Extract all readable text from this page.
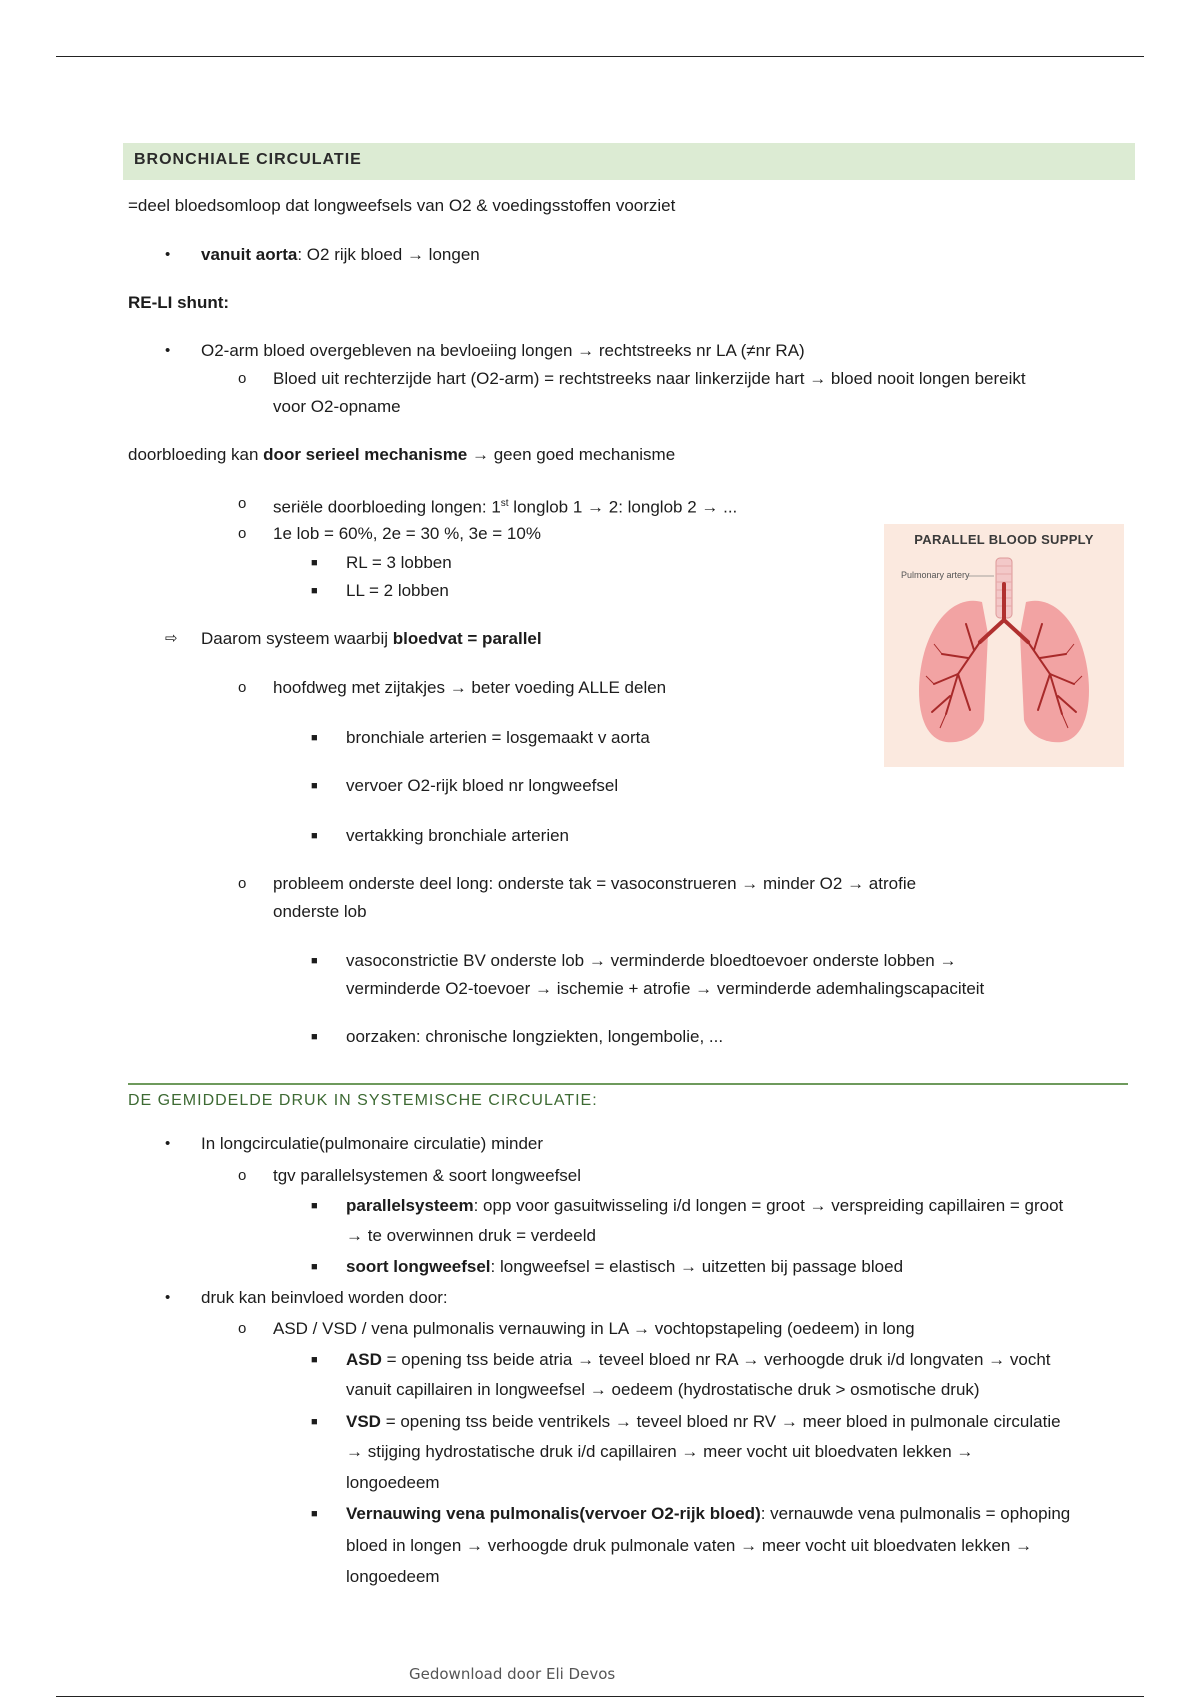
BRONCHIALE CIRCULATIE
=deel bloedsomloop dat longweefsels van O2 & voedingsstoffen voorziet
• vanuit aorta: O2 rijk bloed → longen
RE-LI shunt:
• O2-arm bloed overgebleven na bevloeiing longen → rechtstreeks nr LA (≠nr RA)
o Bloed uit rechterzijde hart (O2-arm) = rechtstreeks naar linkerzijde hart → bloed nooit longen bereikt
voor O2-opname
doorbloeding kan door serieel mechanisme → geen goed mechanisme
o seriële doorbloeding longen: 1st longlob 1 → 2: longlob 2 → ...
o 1e lob = 60%, 2e = 30 %, 3e = 10%
■ RL = 3 lobben
■ LL = 2 lobben
⇨ Daarom systeem waarbij bloedvat = parallel
o hoofdweg met zijtakjes → beter voeding ALLE delen
■ bronchiale arterien = losgemaakt v aorta
■ vervoer O2-rijk bloed nr longweefsel
■ vertakking bronchiale arterien
o probleem onderste deel long: onderste tak = vasoconstrueren → minder O2 → atrofie
onderste lob
■ vasoconstrictie BV onderste lob → verminderde bloedtoevoer onderste lobben →
verminderde O2-toevoer → ischemie + atrofie → verminderde ademhalingscapaciteit
■ oorzaken: chronische longziekten, longembolie, ...
PARALLEL BLOOD SUPPLY
Pulmonary artery
DE GEMIDDELDE DRUK IN SYSTEMISCHE CIRCULATIE:
• In longcirculatie(pulmonaire circulatie) minder
o tgv parallelsystemen & soort longweefsel
■ parallelsysteem: opp voor gasuitwisseling i/d longen = groot → verspreiding capillairen = groot
→ te overwinnen druk = verdeeld
■ soort longweefsel: longweefsel = elastisch → uitzetten bij passage bloed
• druk kan beinvloed worden door:
o ASD / VSD / vena pulmonalis vernauwing in LA → vochtopstapeling (oedeem) in long
■ ASD = opening tss beide atria → teveel bloed nr RA → verhoogde druk i/d longvaten → vocht
vanuit capillairen in longweefsel → oedeem (hydrostatische druk > osmotische druk)
■ VSD = opening tss beide ventrikels → teveel bloed nr RV → meer bloed in pulmonale circulatie
→ stijging hydrostatische druk i/d capillairen → meer vocht uit bloedvaten lekken →
longoedeem
■ Vernauwing vena pulmonalis(vervoer O2-rijk bloed): vernauwde vena pulmonalis = ophoping
bloed in longen → verhoogde druk pulmonale vaten → meer vocht uit bloedvaten lekken →
longoedeem
Gedownload door Eli Devos
